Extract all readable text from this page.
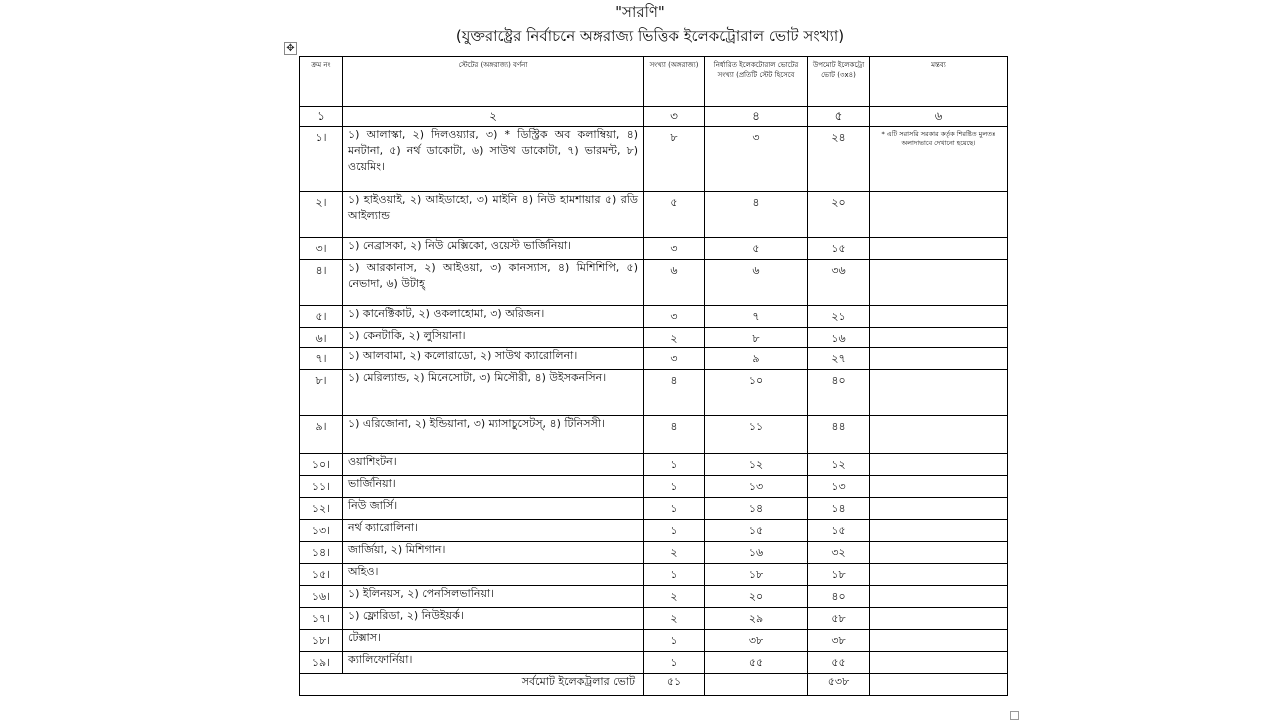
"সারণি"
(যুক্তরাষ্ট্রের নির্বাচনে অঙ্গরাজ্য ভিত্তিক ইলেকট্রোরাল ভোট সংখ্যা)
✥
ক্রম নং	স্টেটের (অঙ্গরাজ্য) বর্ণনা	সংখ্যা (অঙ্গরাজ্য)	নির্ধারিত ইলেকটোরাল ভোটের সংখ্যা (প্রতিটি স্টেট হিসেবে	উপমোট ইলেকট্রো ভোট (৩x৪)	মন্তব্য
১	২	৩	৪	৫	৬
১।	১) আলাস্কা, ২) দিলওয়্যার, ৩) * ডিস্ট্রিক অব কলাম্বিয়া, ৪) মনটানা, ৫) নর্থ ডাকোটা, ৬) সাউথ ডাকোটা, ৭) ভারমন্ট, ৮) ওয়েমিং।	৮	৩	২৪	* এটি সরাসরি সরকার কর্তৃক শিরষ্টিত মুলতঃ অলাদাভাবে দেখানো হয়েছে।
২।	১) হাইওয়াই, ২) আইডাহো, ৩) মাইনি ৪) নিউ হামশায়ার ৫) রডি আইল্যান্ড	৫	৪	২০	
৩।	১) নেব্রাসকা, ২) নিউ মেক্সিকো, ওয়েস্ট ভার্জিনিয়া।	৩	৫	১৫	
৪।	১) আরকানাস, ২) আইওয়া, ৩) কানস্যাস, ৪) মিশিশিপি, ৫) নেভাদা, ৬) উটাহ্	৬	৬	৩৬	
৫।	১) কানেক্টিকাট, ২) ওকলাহোমা, ৩) অরিজন।	৩	৭	২১	
৬।	১) কেনটাকি, ২) লুসিয়ানা।	২	৮	১৬	
৭।	১) আলবামা, ২) কলোরাডো, ২) সাউথ ক্যারোলিনা।	৩	৯	২৭	
৮।	১) মেরিল্যান্ড, ২) মিনেসোটা, ৩) মিসৌরী, ৪) উইসকনসিন।	৪	১০	৪০	
৯।	১) এরিজোনা, ২) ইন্ডিয়ানা, ৩) ম্যাসাচুসেটস্, ৪) টিনিসসী।	৪	১১	৪৪	
১০।	ওয়াশিংটন।	১	১২	১২	
১১।	ভার্জিনিয়া।	১	১৩	১৩	
১২।	নিউ জার্সি।	১	১৪	১৪	
১৩।	নর্থ ক্যারোলিনা।	১	১৫	১৫	
১৪।	জার্জিয়া, ২) মিশিগান।	২	১৬	৩২	
১৫।	অহিও।	১	১৮	১৮	
১৬।	১) ইলিনয়স, ২) পেনসিলভানিয়া।	২	২০	৪০	
১৭।	১) ফ্লোরিডা, ২) নিউইয়র্ক।	২	২৯	৫৮	
১৮।	টেক্সাস।	১	৩৮	৩৮	
১৯।	ক্যালিফোর্নিয়া।	১	৫৫	৫৫	
সর্বমোট ইলেকট্রলার ভোট		৫১		৫৩৮	
